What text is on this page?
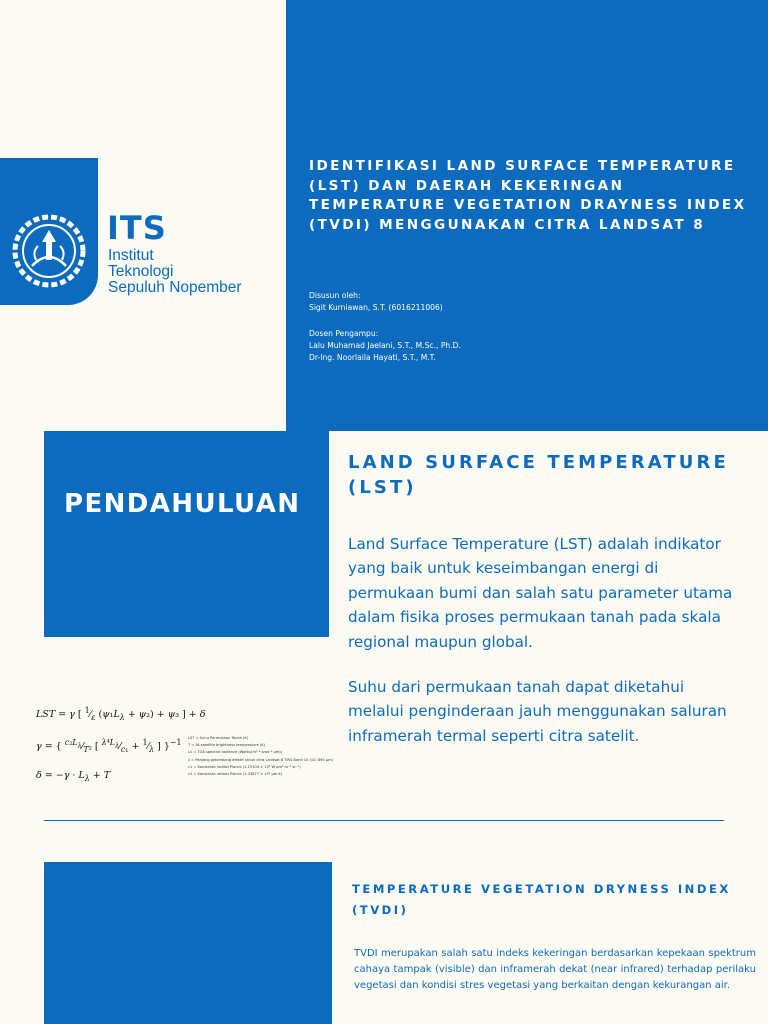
ITS
Institut
Teknologi
Sepuluh Nopember
IDENTIFIKASI LAND SURFACE TEMPERATURE (LST) DAN DAERAH KEKERINGAN TEMPERATURE VEGETATION DRAYNESS INDEX (TVDI) MENGGUNAKAN CITRA LANDSAT 8
Disusun oleh:
Sigit Kurniawan, S.T. (6016211006)
Dosen Pengampu:
Lalu Muhamad Jaelani, S.T., M.Sc., Ph.D.
Dr-Ing. Noorlaila Hayati, S.T., M.T.
PENDAHULUAN
LAND SURFACE TEMPERATURE (LST)
Land Surface Temperature (LST) adalah indikator yang baik untuk keseimbangan energi di permukaan bumi dan salah satu parameter utama dalam fisika proses permukaan tanah pada skala regional maupun global.
Suhu dari permukaan tanah dapat diketahui melalui penginderaan jauh menggunakan saluran inframerah termal seperti citra satelit.
LST = γ [ $^1⁄_\varepsilon$ $(\psi_1L_\lambda + \psi_2) + \psi_3$ ] + δ
γ = { $^{c_2L_\lambda}⁄_{T^2}$ [ $^{\lambda^4L_\lambda}⁄_{c_1}$ + $^1⁄_\lambda$ ] }$^{-1}$
$\delta = -\gamma \cdot L_\lambda + T$
LST = Suhu Permukaan Tanah (K)
T = At-satellite brightness temperature (K)
Lλ = TOA spectral radiance (Watts/(m² * srad * µm))
λ = Panjang gelombang efektif untuk citra Landsat 8 TIRS Band 10 (10, 895 µm)
c1 = Konstanta radiasi Planck (1.19104 × 10⁸ W µm⁴ m⁻² sr⁻¹)
c2 = Konstanta radiasi Planck (1.43877 × 10⁴ µm K)
TEMPERATURE VEGETATION DRYNESS INDEX (TVDI)
TVDI merupakan salah satu indeks kekeringan berdasarkan kepekaan spektrum cahaya tampak (visible) dan inframerah dekat (near infrared) terhadap perilaku vegetasi dan kondisi stres vegetasi yang berkaitan dengan kekurangan air.
